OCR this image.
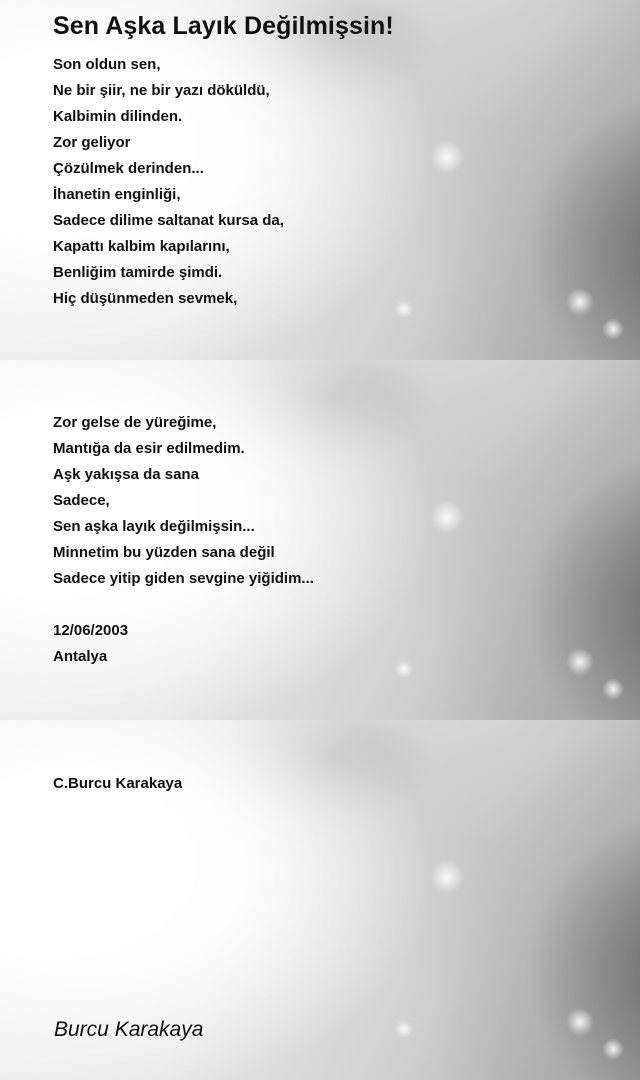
Sen Aşka Layık Değilmişsin!
Son oldun sen,
Ne bir şiir, ne bir yazı döküldü,
Kalbimin dilinden.
Zor geliyor
Çözülmek derinden...
İhanetin enginliği,
Sadece dilime saltanat kursa da,
Kapattı kalbim kapılarını,
Benliğim tamirde şimdi.
Hiç düşünmeden sevmek,
Zor gelse de yüreğime,
Mantığa da esir edilmedim.
Aşk yakışsa da sana
Sadece,
Sen aşka layık değilmişsin...
Minnetim bu yüzden sana değil
Sadece yitip giden sevgine yiğidim...

12/06/2003

Antalya

C.Burcu Karakaya

Burcu Karakaya
